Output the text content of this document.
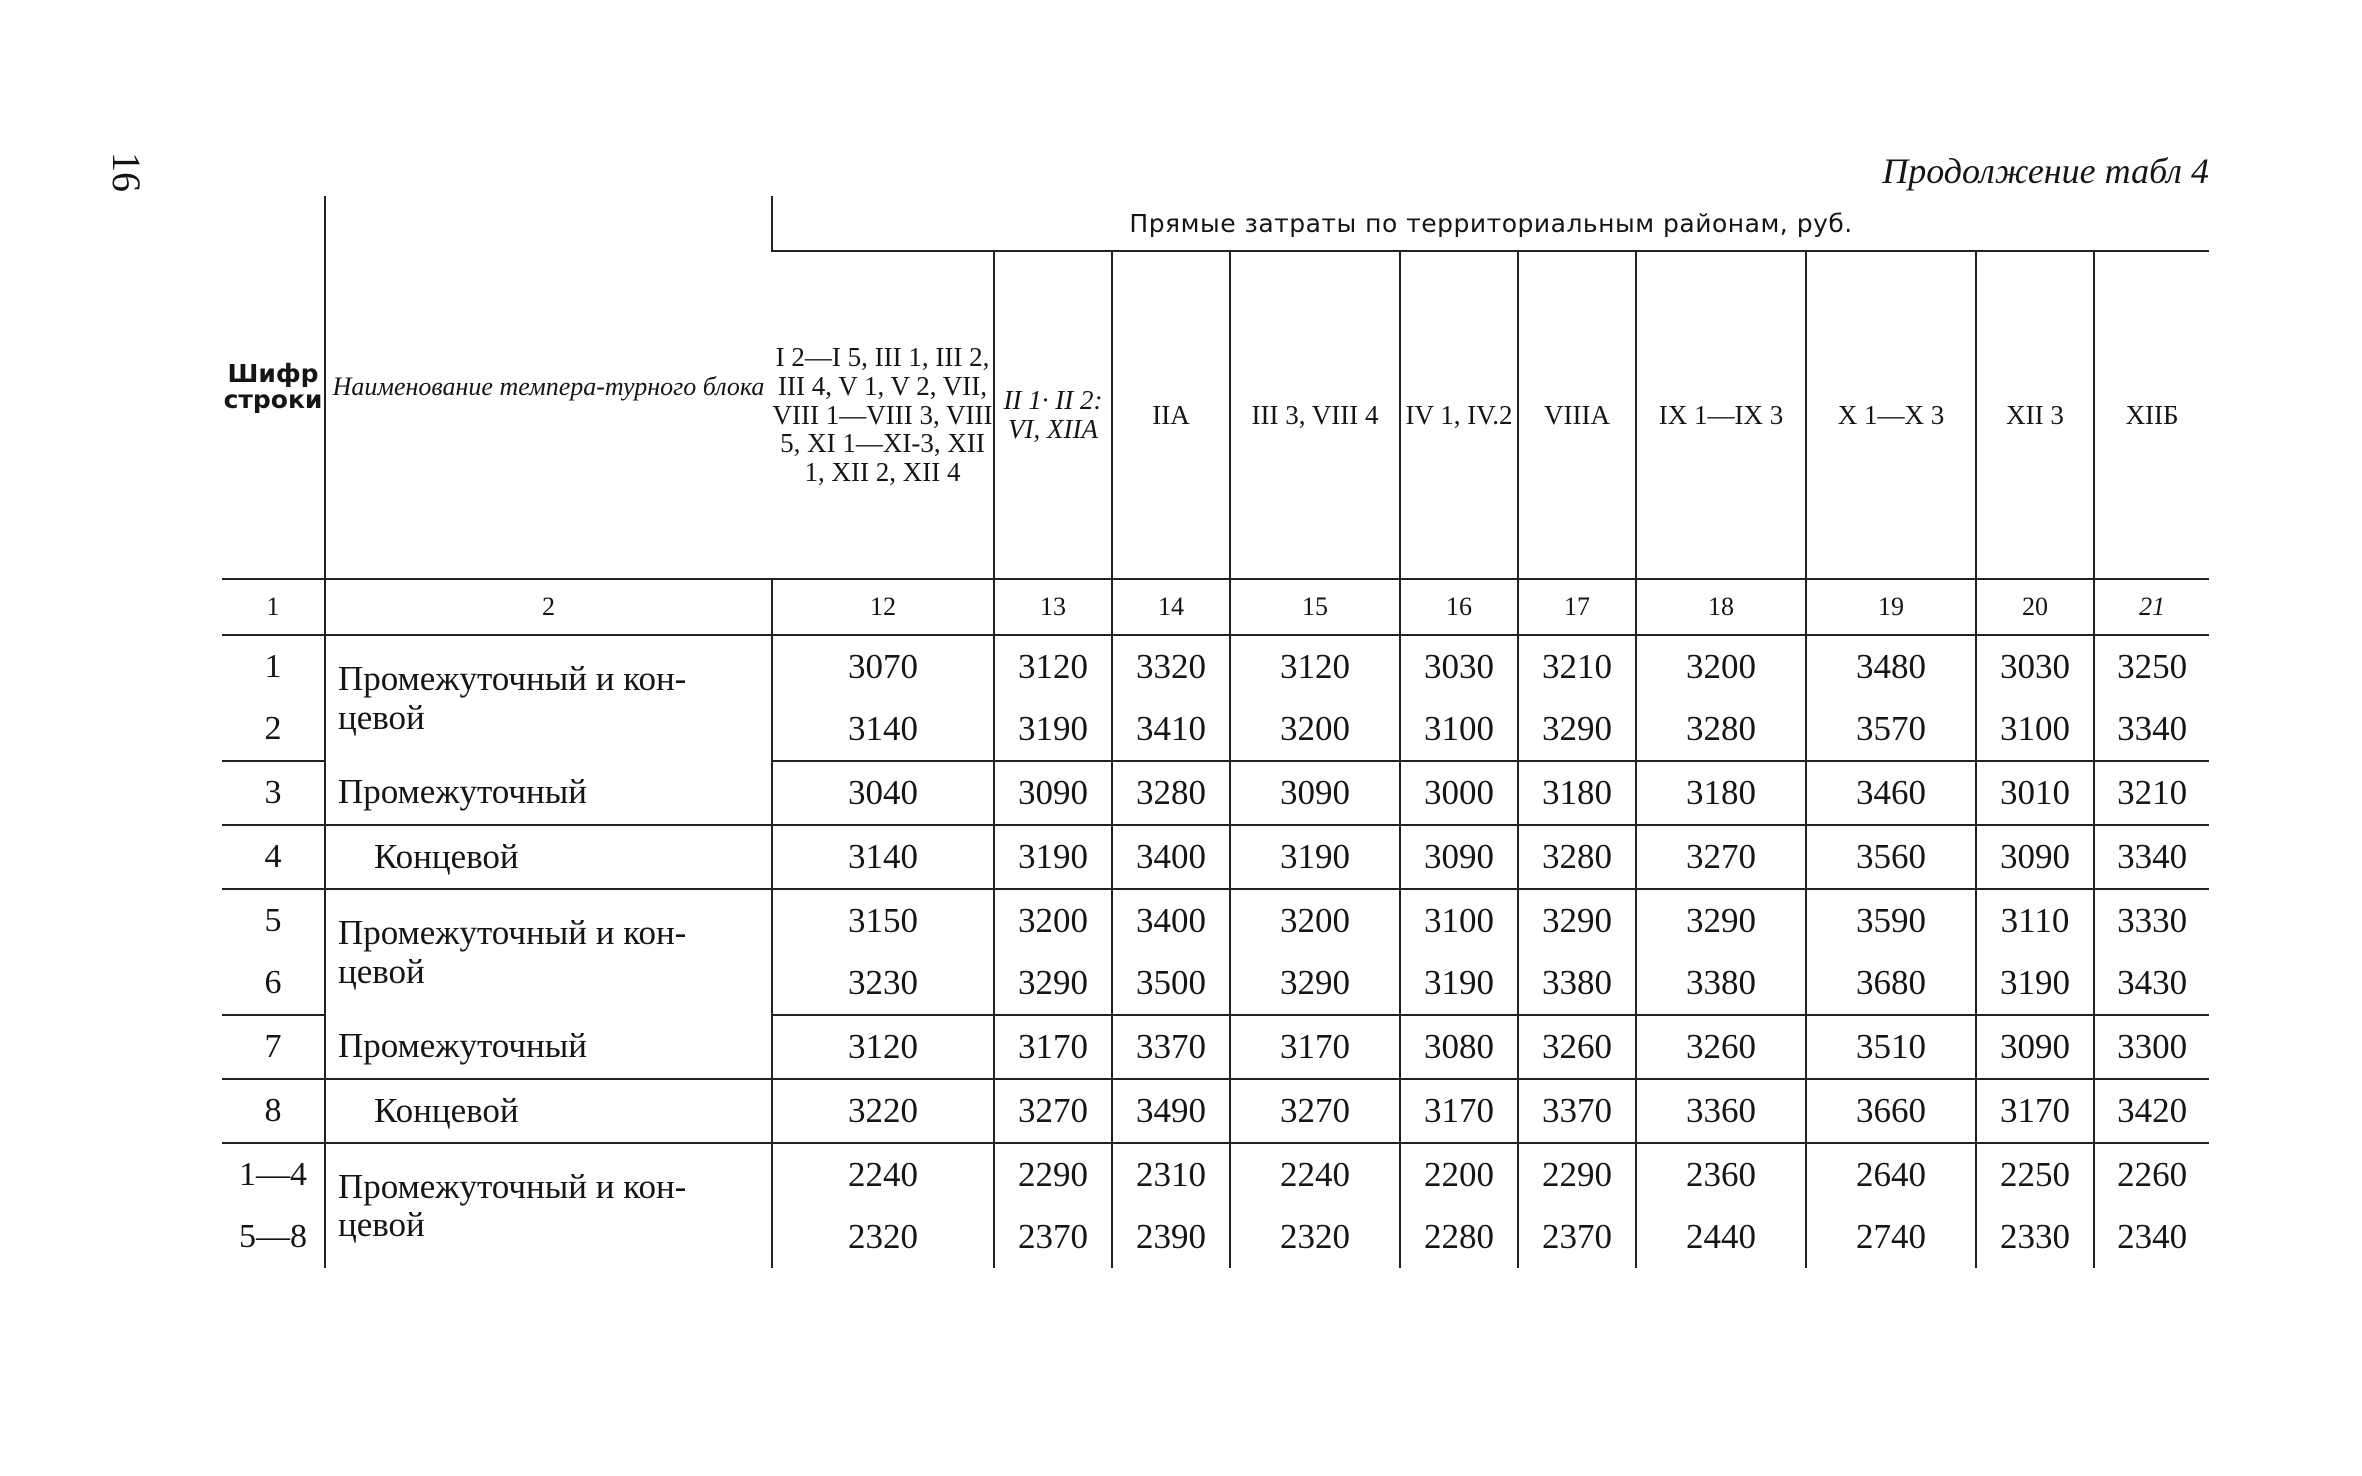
16	Продолжение табл 4
Шифр строки	Наименование темпера-турного блока	Прямые затраты по территориальным районам, руб.									
		I 2—I 5, III 1, III 2, III 4, V 1, V 2, VII, VIII 1—VIII 3, VIII 5, XI 1—XI-3, XII 1, XII 2, XII 4	II 1· II 2: VI, XIIA	IIA	III 3, VIII 4	IV 1, IV.2	VIIIA	IX 1—IX 3	X 1—X 3	XII 3	XIIБ
1	2	12	13	14	15	16	17	18	19	20	21
1	Промежуточный и кон-цевой	3070	3120	3320	3120	3030	3210	3200	3480	3030	3250
2		3140	3190	3410	3200	3100	3290	3280	3570	3100	3340
3	Промежуточный	3040	3090	3280	3090	3000	3180	3180	3460	3010	3210
4	Концевой	3140	3190	3400	3190	3090	3280	3270	3560	3090	3340
5	Промежуточный и кон-цевой	3150	3200	3400	3200	3100	3290	3290	3590	3110	3330
6		3230	3290	3500	3290	3190	3380	3380	3680	3190	3430
7	Промежуточный	3120	3170	3370	3170	3080	3260	3260	3510	3090	3300
8	Концевой	3220	3270	3490	3270	3170	3370	3360	3660	3170	3420
1—4	Промежуточный и кон-цевой	2240	2290	2310	2240	2200	2290	2360	2640	2250	2260
5—8		2320	2370	2390	2320	2280	2370	2440	2740	2330	2340
